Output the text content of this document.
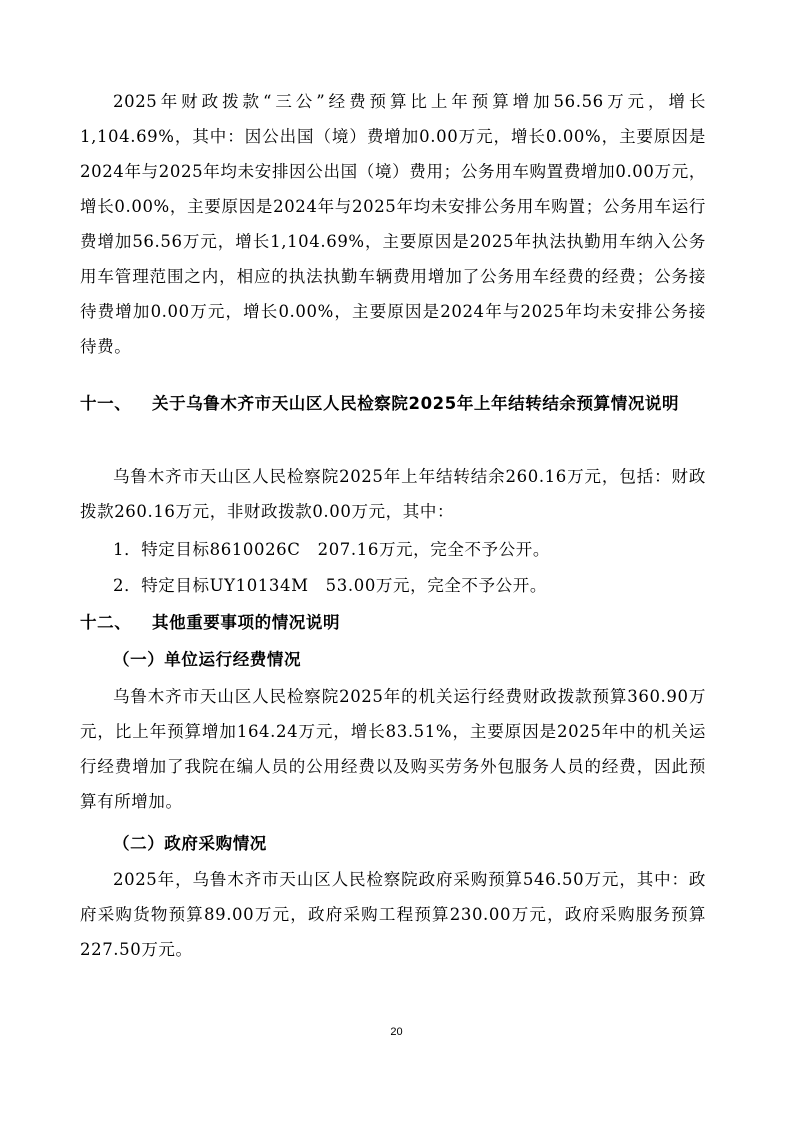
2025年财政拨款“三公”经费预算比上年预算增加56.56万元，增长1,104.69%，其中：因公出国（境）费增加0.00万元，增长0.00%，主要原因是2024年与2025年均未安排因公出国（境）费用；公务用车购置费增加0.00万元，增长0.00%，主要原因是2024年与2025年均未安排公务用车购置；公务用车运行费增加56.56万元，增长1,104.69%，主要原因是2025年执法执勤用车纳入公务用车管理范围之内，相应的执法执勤车辆费用增加了公务用车经费的经费；公务接待费增加0.00万元，增长0.00%，主要原因是2024年与2025年均未安排公务接待费。

十一、 关于乌鲁木齐市天山区人民检察院2025年上年结转结余预算情况说明

乌鲁木齐市天山区人民检察院2025年上年结转结余260.16万元，包括：财政拨款260.16万元，非财政拨款0.00万元，其中：

1．特定目标8610026C　207.16万元，完全不予公开。

2．特定目标UY10134M　53.00万元，完全不予公开。

十二、 其他重要事项的情况说明

（一）单位运行经费情况

乌鲁木齐市天山区人民检察院2025年的机关运行经费财政拨款预算360.90万元，比上年预算增加164.24万元，增长83.51%，主要原因是2025年中的机关运行经费增加了我院在编人员的公用经费以及购买劳务外包服务人员的经费，因此预算有所增加。

（二）政府采购情况

2025年，乌鲁木齐市天山区人民检察院政府采购预算546.50万元，其中：政府采购货物预算89.00万元，政府采购工程预算230.00万元，政府采购服务预算227.50万元。

20
